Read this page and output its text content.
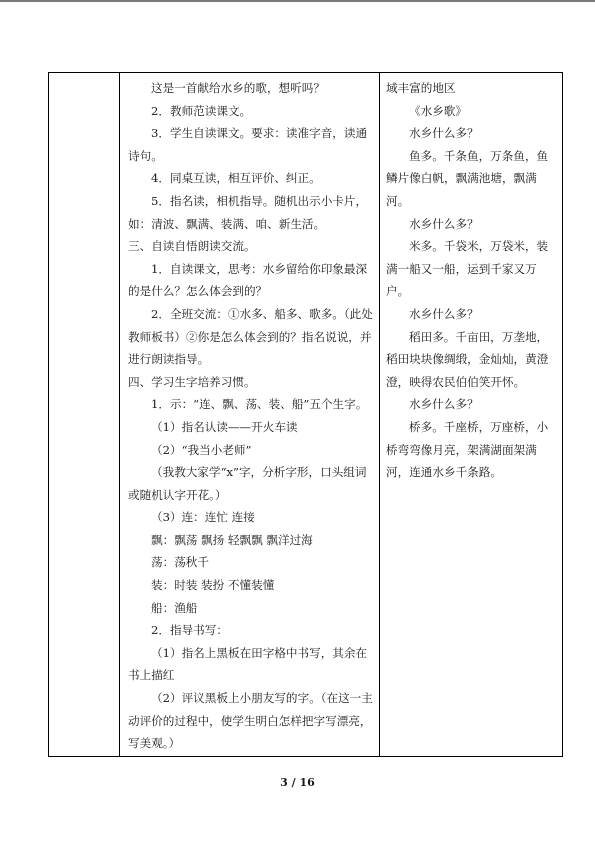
这是一首献给水乡的歌，想听吗？

2．教师范读课文。

3．学生自读课文。要求：读准字音，读通诗句。

4．同桌互读，相互评价、纠正。

5．指名读，相机指导。随机出示小卡片，如：清波、飘满、装满、咱、新生活。

三、自读自悟朗读交流。

1．自读课文，思考：水乡留给你印象最深的是什么？怎么体会到的？

2．全班交流：①水多、船多、歌多。（此处教师板书）②你是怎么体会到的？指名说说，并进行朗读指导。

四、学习生字培养习惯。

1．示：“连、飘、荡、装、船”五个生字。

（1）指名认读——开火车读

（2）“我当小老师”

（我教大家学“x”字，分析字形，口头组词或随机认字开花。）

（3）连：连忙 连接

飘：飘荡 飘扬 轻飘飘 飘洋过海

荡：荡秋千

装：时装 装扮 不懂装懂

船：渔船

2．指导书写：

（1）指名上黑板在田字格中书写，其余在书上描红

（2）评议黑板上小朋友写的字。（在这一主动评价的过程中，使学生明白怎样把字写漂亮，写美观。）

域丰富的地区

《水乡歌》

水乡什么多？

鱼多。千条鱼，万条鱼，鱼鳞片像白帆，飘满池塘，飘满河。

水乡什么多？

米多。千袋米，万袋米，装满一船又一船，运到千家又万户。

水乡什么多？

稻田多。千亩田，万垄地，稻田块块像绸缎，金灿灿，黄澄澄，映得农民伯伯笑开怀。

水乡什么多？

桥多。千座桥，万座桥，小桥弯弯像月亮，架满湖面架满河，连通水乡千条路。

3 / 16
